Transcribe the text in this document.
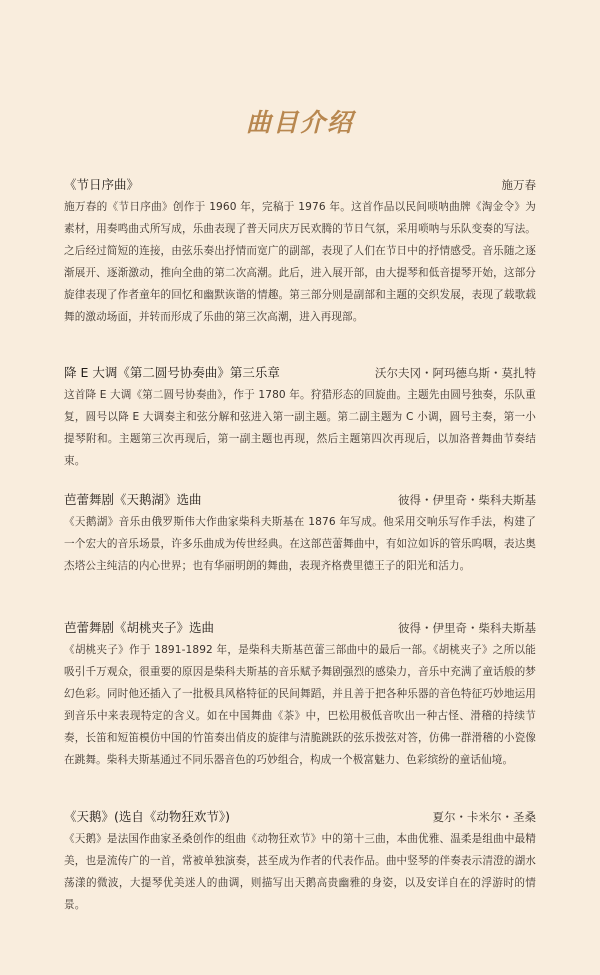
曲目介绍
《节日序曲》	施万春

施万春的《节日序曲》创作于 1960 年，完稿于 1976 年。这首作品以民间唢呐曲牌《淘金令》为素材，用奏鸣曲式所写成，乐曲表现了普天同庆万民欢腾的节日气氛，采用唢呐与乐队变奏的写法。之后经过简短的连接，由弦乐奏出抒情而宽广的副部，表现了人们在节日中的抒情感受。音乐随之逐渐展开、逐渐激动，推向全曲的第二次高潮。此后，进入展开部，由大提琴和低音提琴开始，这部分旋律表现了作者童年的回忆和幽默诙谐的情趣。第三部分则是副部和主题的交织发展，表现了载歌载舞的激动场面，并转而形成了乐曲的第三次高潮，进入再现部。

降 E 大调《第二圆号协奏曲》第三乐章	沃尔夫冈・阿玛德乌斯・莫扎特

这首降 E 大调《第二圆号协奏曲》，作于 1780 年。狩猎形态的回旋曲。主题先由圆号独奏，乐队重复，圆号以降 E 大调奏主和弦分解和弦进入第一副主题。第二副主题为 C 小调，圆号主奏，第一小提琴附和。主题第三次再现后，第一副主题也再现，然后主题第四次再现后，以加洛普舞曲节奏结束。

芭蕾舞剧《天鹅湖》选曲	彼得・伊里奇・柴科夫斯基

《天鹅湖》音乐由俄罗斯伟大作曲家柴科夫斯基在 1876 年写成。他采用交响乐写作手法，构建了一个宏大的音乐场景，许多乐曲成为传世经典。在这部芭蕾舞曲中，有如泣如诉的管乐呜咽，表达奥杰塔公主纯洁的内心世界；也有华丽明朗的舞曲，表现齐格费里德王子的阳光和活力。

芭蕾舞剧《胡桃夹子》选曲	彼得・伊里奇・柴科夫斯基

《胡桃夹子》作于 1891-1892 年，是柴科夫斯基芭蕾三部曲中的最后一部。《胡桃夹子》之所以能吸引千万观众，很重要的原因是柴科夫斯基的音乐赋予舞剧强烈的感染力，音乐中充满了童话般的梦幻色彩。同时他还插入了一批极具风格特征的民间舞蹈，并且善于把各种乐器的音色特征巧妙地运用到音乐中来表现特定的含义。如在中国舞曲《茶》中，巴松用极低音吹出一种古怪、滑稽的持续节奏，长笛和短笛模仿中国的竹笛奏出俏皮的旋律与清脆跳跃的弦乐拨弦对答，仿佛一群滑稽的小瓷像在跳舞。柴科夫斯基通过不同乐器音色的巧妙组合，构成一个极富魅力、色彩缤纷的童话仙境。

《天鹅》(选自《动物狂欢节》)	夏尔・卡米尔・圣桑

《天鹅》是法国作曲家圣桑创作的组曲《动物狂欢节》中的第十三曲，本曲优雅、温柔是组曲中最精美，也是流传广的一首，常被单独演奏，甚至成为作者的代表作品。曲中竖琴的伴奏表示清澄的湖水荡漾的微波，大提琴优美迷人的曲调，则描写出天鹅高贵幽雅的身姿，以及安详自在的浮游时的情景。
